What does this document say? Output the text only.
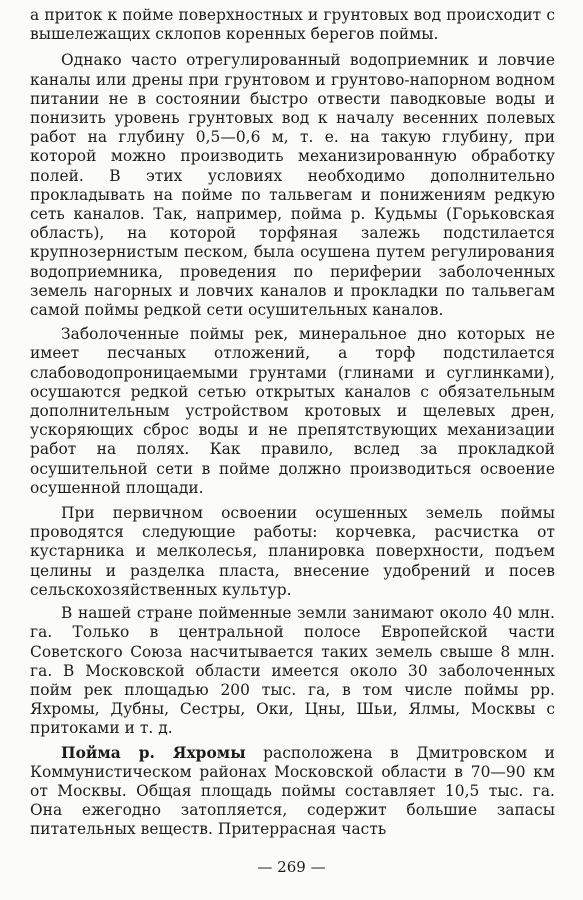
а приток к пойме поверхностных и грунтовых вод происходит с вышележащих склопов коренных берегов поймы.

Однако часто отрегулированный водоприемник и ловчие каналы или дрены при грунтовом и грунтово-напорном водном питании не в состоянии быстро отвести паводковые воды и понизить уровень грунтовых вод к началу весенних полевых работ на глубину 0,5—0,6 м, т. е. на такую глубину, при которой можно производить механизированную обработку полей. В этих условиях необходимо дополнительно прокладывать на пойме по тальвегам и понижениям редкую сеть каналов. Так, например, пойма р. Кудьмы (Горьковская область), на которой торфяная залежь подстилается крупнозернистым песком, была осушена путем регулирования водоприемника, проведения по периферии заболоченных земель нагорных и ловчих каналов и прокладки по тальвегам самой поймы редкой сети осушительных каналов.

Заболоченные поймы рек, минеральное дно которых не имеет песчаных отложений, а торф подстилается слабоводопроницаемыми грунтами (глинами и суглинками), осушаются редкой сетью открытых каналов с обязательным дополнительным устройством кротовых и щелевых дрен, ускоряющих сброс воды и не препятствующих механизации работ на полях. Как правило, вслед за прокладкой осушительной сети в пойме должно производиться освоение осушенной площади.

При первичном освоении осушенных земель поймы проводятся следующие работы: корчевка, расчистка от кустарника и мелколесья, планировка поверхности, подъем целины и разделка пласта, внесение удобрений и посев сельскохозяйственных культур.

В нашей стране пойменные земли занимают около 40 млн. га. Только в центральной полосе Европейской части Советского Союза насчитывается таких земель свыше 8 млн. га. В Московской области имеется около 30 заболоченных пойм рек площадью 200 тыс. га, в том числе поймы рр. Яхромы, Дубны, Сестры, Оки, Цны, Шьи, Ялмы, Москвы с притоками и т. д.

Пойма р. Яхромы расположена в Дмитровском и Коммунистическом районах Московской области в 70—90 км от Москвы. Общая площадь поймы составляет 10,5 тыс. га. Она ежегодно затопляется, содержит большие запасы питательных веществ. Притеррасная часть

— 269 —
